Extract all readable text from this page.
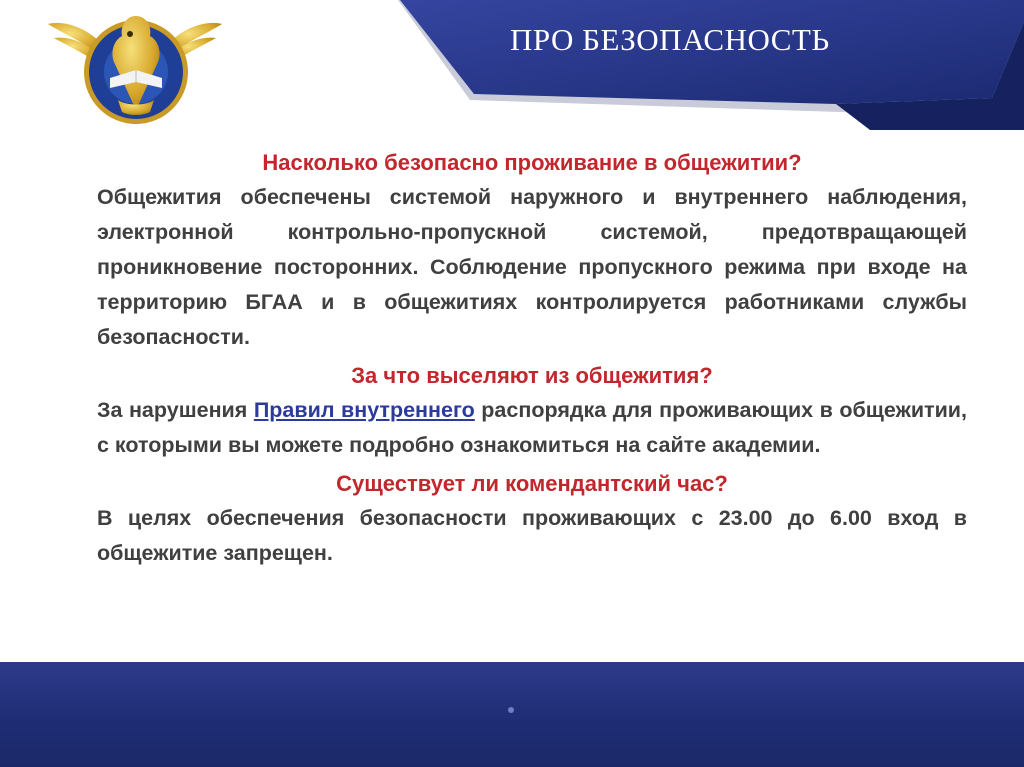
ПРО БЕЗОПАСНОСТЬ

Насколько безопасно проживание в общежитии?

Общежития обеспечены системой наружного и внутреннего наблюдения, электронной контрольно-пропускной системой, предотвращающей проникновение посторонних. Соблюдение пропускного режима при входе на территорию БГАА и в общежитиях контролируется работниками службы безопасности.

За что выселяют из общежития?

За нарушения Правил внутреннего распорядка для проживающих в общежитии, с которыми вы можете подробно ознакомиться на сайте академии.

Существует ли комендантский час?

В целях обеспечения безопасности проживающих с 23.00 до 6.00 вход в общежитие запрещен.
